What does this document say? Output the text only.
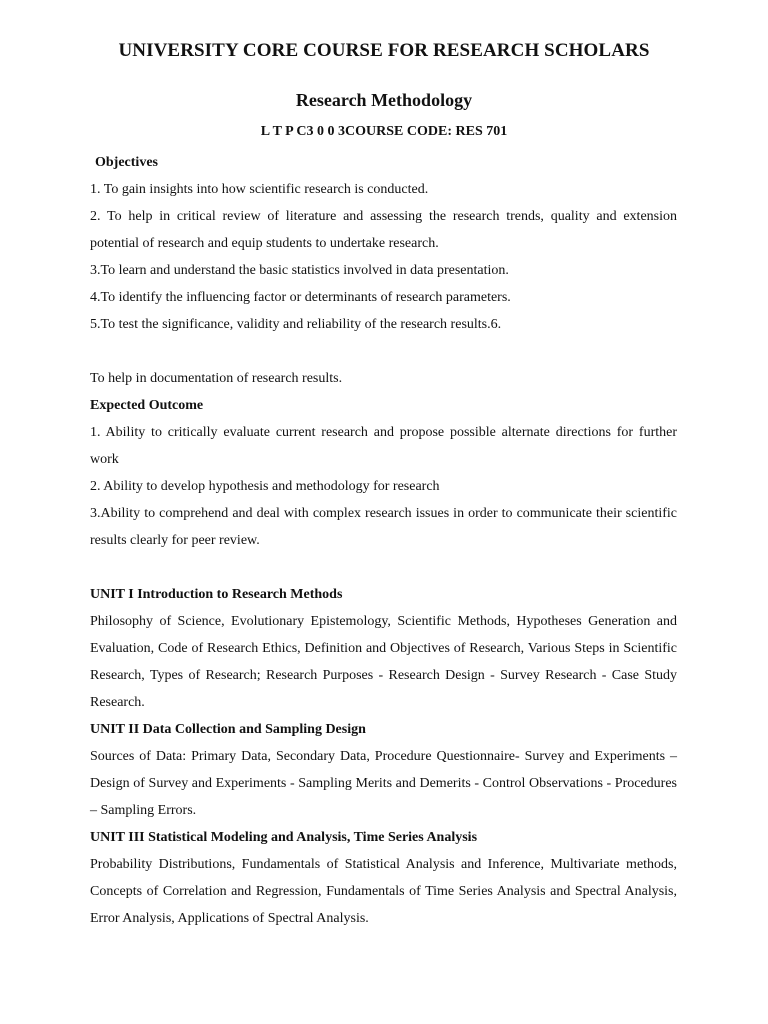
UNIVERSITY CORE COURSE FOR RESEARCH SCHOLARS
Research Methodology
L T P C3 0 0 3COURSE CODE: RES 701
Objectives

1. To gain insights into how scientific research is conducted.

2. To help in critical review of literature and assessing the research trends, quality and extension potential of research and equip students to undertake research.

3.To learn and understand the basic statistics involved in data presentation.

4.To identify the influencing factor or determinants of research parameters.

5.To test the significance, validity and reliability of the research results.6.

To help in documentation of research results.

Expected Outcome

1. Ability to critically evaluate current research and propose possible alternate directions for further work

2. Ability to develop hypothesis and methodology for research

3.Ability to comprehend and deal with complex research issues in order to communicate their scientific results clearly for peer review.

UNIT I Introduction to Research Methods

Philosophy of Science, Evolutionary Epistemology, Scientific Methods, Hypotheses Generation and Evaluation, Code of Research Ethics, Definition and Objectives of Research, Various Steps in Scientific Research, Types of Research; Research Purposes - Research Design - Survey Research - Case Study Research.

UNIT II Data Collection and Sampling Design

Sources of Data: Primary Data, Secondary Data, Procedure Questionnaire- Survey and Experiments – Design of Survey and Experiments - Sampling Merits and Demerits - Control Observations - Procedures – Sampling Errors.

UNIT III Statistical Modeling and Analysis, Time Series Analysis

Probability Distributions, Fundamentals of Statistical Analysis and Inference, Multivariate methods, Concepts of Correlation and Regression, Fundamentals of Time Series Analysis and Spectral Analysis, Error Analysis, Applications of Spectral Analysis.
